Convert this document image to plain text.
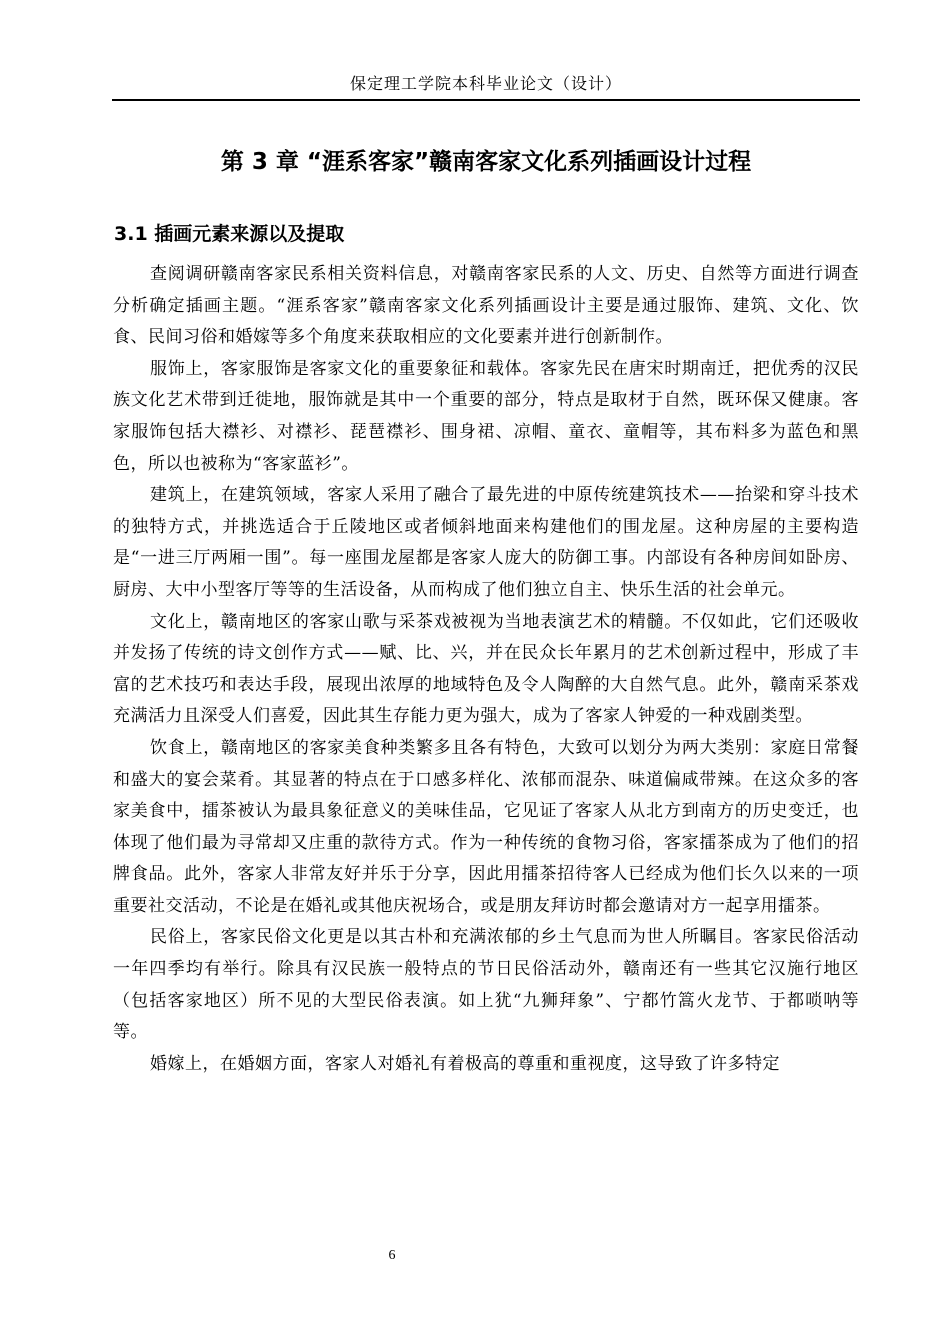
保定理工学院本科毕业论文（设计）
第 3 章 “涯系客家”赣南客家文化系列插画设计过程
3.1 插画元素来源以及提取

查阅调研赣南客家民系相关资料信息，对赣南客家民系的人文、历史、自然等方面进行调查分析确定插画主题。“涯系客家”赣南客家文化系列插画设计主要是通过服饰、建筑、文化、饮食、民间习俗和婚嫁等多个角度来获取相应的文化要素并进行创新制作。

服饰上，客家服饰是客家文化的重要象征和载体。客家先民在唐宋时期南迁，把优秀的汉民族文化艺术带到迁徙地，服饰就是其中一个重要的部分，特点是取材于自然，既环保又健康。客家服饰包括大襟衫、对襟衫、琵琶襟衫、围身裙、凉帽、童衣、童帽等，其布料多为蓝色和黑色，所以也被称为“客家蓝衫”。

建筑上，在建筑领域，客家人采用了融合了最先进的中原传统建筑技术——抬梁和穿斗技术的独特方式，并挑选适合于丘陵地区或者倾斜地面来构建他们的围龙屋。这种房屋的主要构造是“一进三厅两厢一围”。每一座围龙屋都是客家人庞大的防御工事。内部设有各种房间如卧房、厨房、大中小型客厅等等的生活设备，从而构成了他们独立自主、快乐生活的社会单元。

文化上，赣南地区的客家山歌与采茶戏被视为当地表演艺术的精髓。不仅如此，它们还吸收并发扬了传统的诗文创作方式——赋、比、兴，并在民众长年累月的艺术创新过程中，形成了丰富的艺术技巧和表达手段，展现出浓厚的地域特色及令人陶醉的大自然气息。此外，赣南采茶戏充满活力且深受人们喜爱，因此其生存能力更为强大，成为了客家人钟爱的一种戏剧类型。

饮食上，赣南地区的客家美食种类繁多且各有特色，大致可以划分为两大类别：家庭日常餐和盛大的宴会菜肴。其显著的特点在于口感多样化、浓郁而混杂、味道偏咸带辣。在这众多的客家美食中，擂茶被认为最具象征意义的美味佳品，它见证了客家人从北方到南方的历史变迁，也体现了他们最为寻常却又庄重的款待方式。作为一种传统的食物习俗，客家擂茶成为了他们的招牌食品。此外，客家人非常友好并乐于分享，因此用擂茶招待客人已经成为他们长久以来的一项重要社交活动，不论是在婚礼或其他庆祝场合，或是朋友拜访时都会邀请对方一起享用擂茶。

民俗上，客家民俗文化更是以其古朴和充满浓郁的乡土气息而为世人所瞩目。客家民俗活动一年四季均有举行。除具有汉民族一般特点的节日民俗活动外，赣南还有一些其它汉施行地区（包括客家地区）所不见的大型民俗表演。如上犹“九狮拜象”、宁都竹篙火龙节、于都唢呐等等。

婚嫁上，在婚姻方面，客家人对婚礼有着极高的尊重和重视度，这导致了许多特定

6
